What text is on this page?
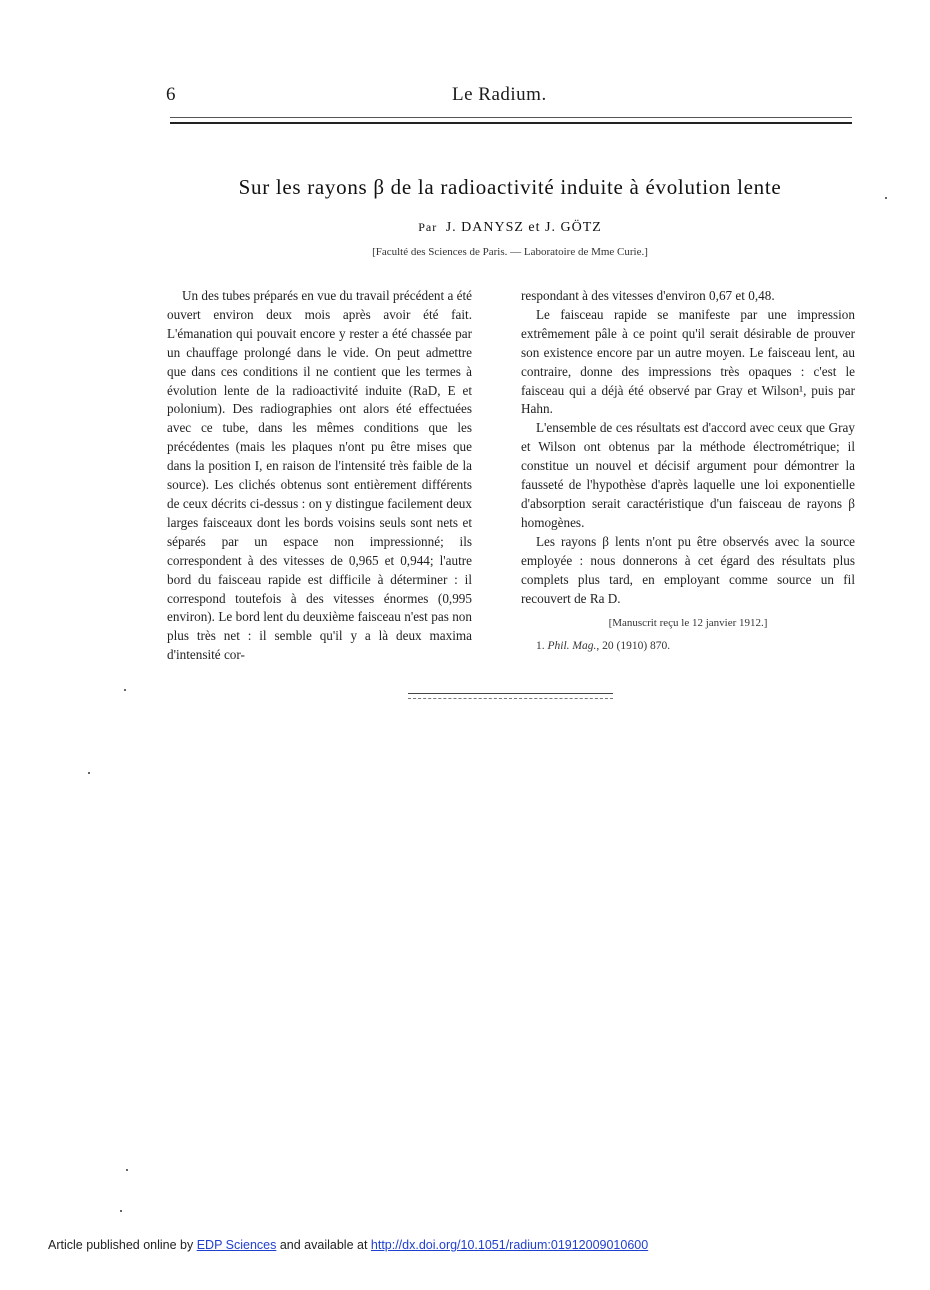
6	Le Radium.
Sur les rayons β de la radioactivité induite à évolution lente
Par J. DANYSZ et J. GÖTZ
[Faculté des Sciences de Paris. — Laboratoire de Mme Curie.]

Un des tubes préparés en vue du travail précédent a été ouvert environ deux mois après avoir été fait. L'émanation qui pouvait encore y rester a été chassée par un chauffage prolongé dans le vide. On peut admettre que dans ces conditions il ne contient que les termes à évolution lente de la radioactivité induite (RaD, E et polonium). Des radiographies ont alors été effectuées avec ce tube, dans les mêmes conditions que les précédentes (mais les plaques n'ont pu être mises que dans la position I, en raison de l'intensité très faible de la source). Les clichés obtenus sont entièrement différents de ceux décrits ci-dessus : on y distingue facilement deux larges faisceaux dont les bords voisins seuls sont nets et séparés par un espace non impressionné; ils correspondent à des vitesses de 0,965 et 0,944; l'autre bord du faisceau rapide est difficile à déterminer : il correspond toutefois à des vitesses énormes (0,995 environ). Le bord lent du deuxième faisceau n'est pas non plus très net : il semble qu'il y a là deux maxima d'intensité cor-

respondant à des vitesses d'environ 0,67 et 0,48.

Le faisceau rapide se manifeste par une impression extrêmement pâle à ce point qu'il serait désirable de prouver son existence encore par un autre moyen. Le faisceau lent, au contraire, donne des impressions très opaques : c'est le faisceau qui a déjà été observé par Gray et Wilson¹, puis par Hahn.

L'ensemble de ces résultats est d'accord avec ceux que Gray et Wilson ont obtenus par la méthode électrométrique; il constitue un nouvel et décisif argument pour démontrer la fausseté de l'hypothèse d'après laquelle une loi exponentielle d'absorption serait caractéristique d'un faisceau de rayons β homogènes.

Les rayons β lents n'ont pu être observés avec la source employée : nous donnerons à cet égard des résultats plus complets plus tard, en employant comme source un fil recouvert de Ra D.

[Manuscrit reçu le 12 janvier 1912.]
1. Phil. Mag., 20 (1910) 870.
Article published online by EDP Sciences and available at http://dx.doi.org/10.1051/radium:01912009010600
